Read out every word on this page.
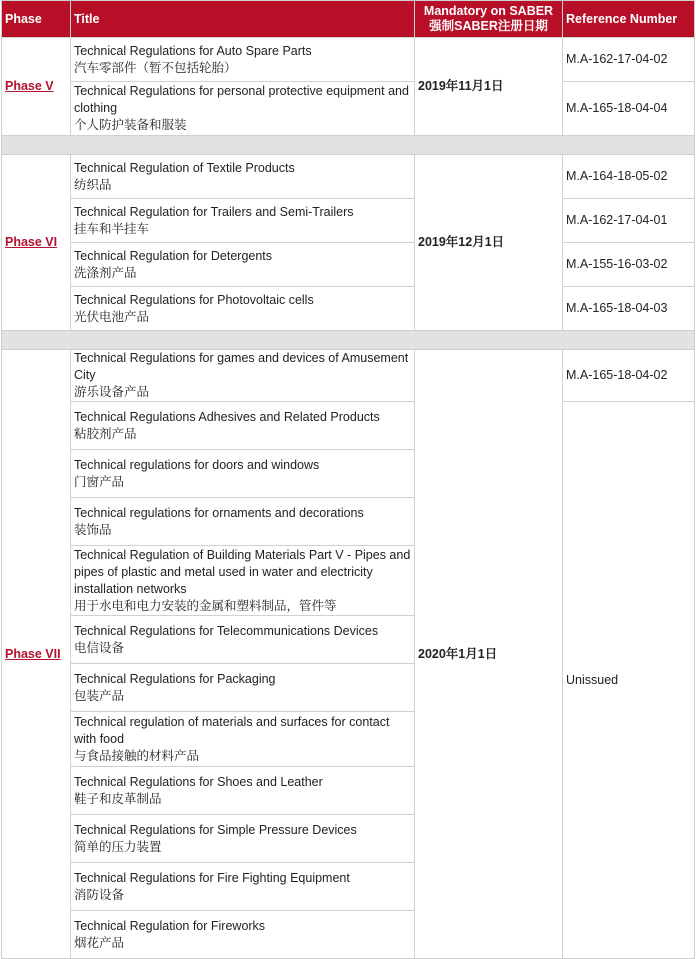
Phase	Title	Mandatory on SABER
强制SABER注册日期	Reference Number
Phase V	Technical Regulations for Auto Spare Parts
汽车零部件（暂不包括轮胎）	2019年11月1日	M.A-162-17-04-02

	Technical Regulations for personal protective equipment and clothing
个人防护装备和服装		M.A-165-18-04-04

Phase VI	Technical Regulation of Textile Products
纺织品	2019年12月1日	M.A-164-18-05-02

	Technical Regulation for Trailers and Semi-Trailers
挂车和半挂车		M.A-162-17-04-01

	Technical Regulation for Detergents
洗涤剂产品		M.A-155-16-03-02

	Technical Regulations for Photovoltaic cells
光伏电池产品		M.A-165-18-04-03

Phase VII	Technical Regulations for games and devices of Amusement City
游乐设备产品	2020年1月1日	M.A-165-18-04-02

	Technical Regulations Adhesives and Related Products
粘胶剂产品		Unissued

	Technical regulations for doors and windows
门窗产品		

	Technical regulations for ornaments and decorations
装饰品		

	Technical Regulation of Building Materials Part V - Pipes and pipes of plastic and metal used in water and electricity installation networks
用于水电和电力安装的金属和塑料制品，管件等		

	Technical Regulations for Telecommunications Devices
电信设备		

	Technical Regulations for Packaging
包装产品		

	Technical regulation of materials and surfaces for contact with food
与食品接触的材料产品		

	Technical Regulations for Shoes and Leather
鞋子和皮革制品		

	Technical Regulations for Simple Pressure Devices
简单的压力装置		

	Technical Regulations for Fire Fighting Equipment
消防设备		

	Technical Regulation for Fireworks
烟花产品		
